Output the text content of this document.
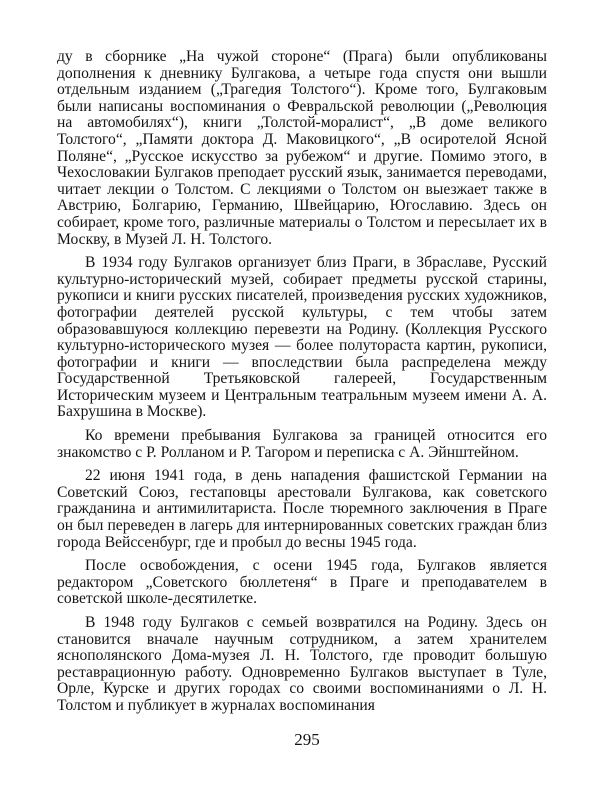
ду в сборнике „На чужой стороне“ (Прага) были опубликованы дополнения к дневнику Булгакова, а четыре года спустя они вышли отдельным изданием („Трагедия Толстого“). Кроме того, Булгаковым были написаны воспоминания о Февральской революции („Революция на автомобилях“), книги „Толстой-моралист“, „В доме великого Толстого“, „Памяти доктора Д. Маковицкого“, „В осиротелой Ясной Поляне“, „Русское искусство за рубежом“ и другие. Помимо этого, в Чехословакии Булгаков преподает русский язык, занимается переводами, читает лекции о Толстом. С лекциями о Толстом он выезжает также в Австрию, Болгарию, Германию, Швейцарию, Югославию. Здесь он собирает, кроме того, различные материалы о Толстом и пересылает их в Москву, в Музей Л. Н. Толстого.

В 1934 году Булгаков организует близ Праги, в Збраславе, Русский культурно-исторический музей, собирает предметы русской старины, рукописи и книги русских писателей, произведения русских художников, фотографии деятелей русской культуры, с тем чтобы затем образовавшуюся коллекцию перевезти на Родину. (Коллекция Русского культурно-исторического музея — более полутораста картин, рукописи, фотографии и книги — впоследствии была распределена между Государственной Третьяковской галереей, Государственным Историческим музеем и Центральным театральным музеем имени А. А. Бахрушина в Москве).

Ко времени пребывания Булгакова за границей относится его знакомство с Р. Ролланом и Р. Тагором и переписка с А. Эйнштейном.

22 июня 1941 года, в день нападения фашистской Германии на Советский Союз, гестаповцы арестовали Булгакова, как советского гражданина и антимилитариста. После тюремного заключения в Праге он был переведен в лагерь для интернированных советских граждан близ города Вейссенбург, где и пробыл до весны 1945 года.

После освобождения, с осени 1945 года, Булгаков является редактором „Советского бюллетеня“ в Праге и преподавателем в советской школе-десятилетке.

В 1948 году Булгаков с семьей возвратился на Родину. Здесь он становится вначале научным сотрудником, а затем хранителем яснополянского Дома-музея Л. Н. Толстого, где проводит большую реставрационную работу. Одновременно Булгаков выступает в Туле, Орле, Курске и других городах со своими воспоминаниями о Л. Н. Толстом и публикует в журналах воспоминания

295
